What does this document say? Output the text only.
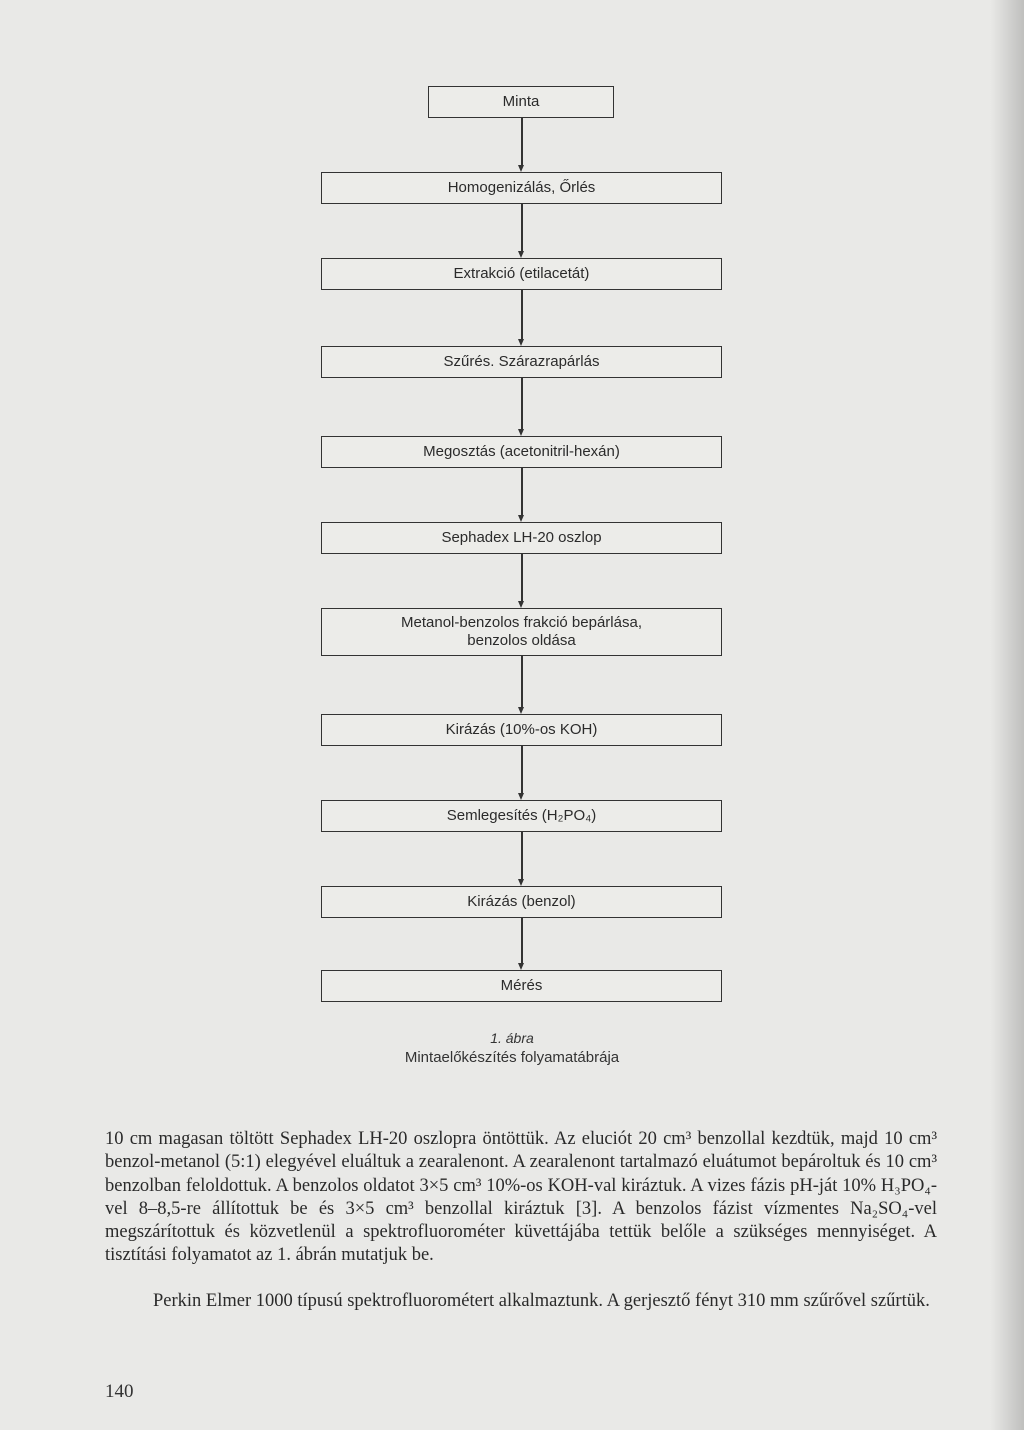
Minta
Homogenizálás, Őrlés
Extrakció (etilacetát)
Szűrés. Szárazrapárlás
Megosztás (acetonitril-hexán)
Sephadex LH-20 oszlop
Metanol-benzolos frakció bepárlása,
benzolos oldása
Kirázás (10%-os KOH)
Semlegesítés (H₂PO₄)
Kirázás (benzol)
Mérés
1. ábra
Mintaelőkészítés folyamatábrája
10 cm magasan töltött Sephadex LH-20 oszlopra öntöttük. Az eluciót 20 cm³ benzollal kezdtük, majd 10 cm³ benzol-metanol (5:1) elegyével eluáltuk a zearalenont. A zearalenont tartalmazó eluátumot bepároltuk és 10 cm³ benzolban feloldottuk. A benzolos oldatot 3×5 cm³ 10%-os KOH-val kiráztuk. A vizes fázis pH-ját 10% H₃PO₄-vel 8–8,5-re állítottuk be és 3×5 cm³ benzollal kiráztuk [3]. A benzolos fázist vízmentes Na₂SO₄-vel megszárítottuk és közvetlenül a spektrofluorométer küvettájába tettük belőle a szükséges mennyiséget. A tisztítási folyamatot az 1. ábrán mutatjuk be.
Perkin Elmer 1000 típusú spektrofluorométert alkalmaztunk. A gerjesztő fényt 310 mm szűrővel szűrtük.
140
